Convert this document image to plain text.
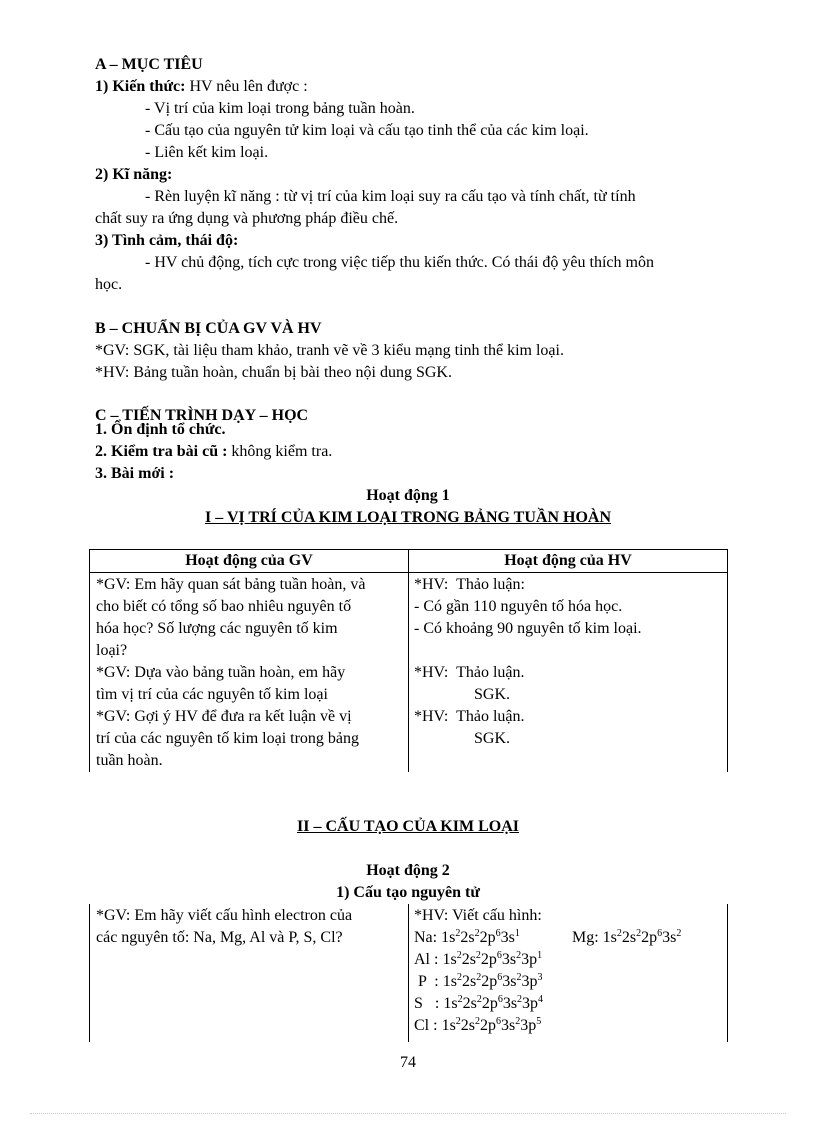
A – MỤC TIÊU
1) Kiến thức: HV nêu lên được :
- Vị trí của kim loại trong bảng tuần hoàn.
- Cấu tạo của nguyên tử kim loại và cấu tạo tinh thể của các kim loại.
- Liên kết kim loại.
2) Kĩ năng:
- Rèn luyện kĩ năng : từ vị trí của kim loại suy ra cấu tạo và tính chất, từ tính
chất suy ra ứng dụng và phương pháp điều chế.
3) Tình cảm, thái độ:
- HV chủ động, tích cực trong việc tiếp thu kiến thức. Có thái độ yêu thích môn
học.
B – CHUẨN BỊ CỦA GV VÀ HV
*GV: SGK, tài liệu tham khảo, tranh vẽ về 3 kiểu mạng tinh thể kim loại.
*HV: Bảng tuần hoàn, chuẩn bị bài theo nội dung SGK.
C – TIẾN TRÌNH DẠY – HỌC
1. Ổn định tổ chức.
2. Kiểm tra bài cũ : không kiểm tra.
3. Bài mới :
Hoạt động 1
I – VỊ TRÍ CỦA KIM LOẠI TRONG BẢNG TUẦN HOÀN
Hoạt động của GV	Hoạt động của HV
*GV: Em hãy quan sát bảng tuần hoàn, và
cho biết có tổng số bao nhiêu nguyên tố
hóa học? Số lượng các nguyên tố kim
loại?
*GV: Dựa vào bảng tuần hoàn, em hãy
tìm vị trí của các nguyên tố kim loại
*GV: Gợi ý HV để đưa ra kết luận về vị
trí của các nguyên tố kim loại trong bảng
tuần hoàn.
*HV:  Thảo luận:
- Có gần 110 nguyên tố hóa học.
- Có khoảng 90 nguyên tố kim loại.
*HV:  Thảo luận.
SGK.
*HV:  Thảo luận.
SGK.
II – CẤU TẠO CỦA KIM LOẠI
Hoạt động 2
1) Cấu tạo nguyên tử
*GV: Em hãy viết cấu hình electron của
các nguyên tố: Na, Mg, Al và P, S, Cl?
*HV: Viết cấu hình:
Na: $1s^22s^22p^63s^1$	Mg: $1s^22s^22p^63s^2$
Al : $1s^22s^22p^63s^23p^1$
P  : $1s^22s^22p^63s^23p^3$
S   : $1s^22s^22p^63s^23p^4$
Cl : $1s^22s^22p^63s^23p^5$
74
